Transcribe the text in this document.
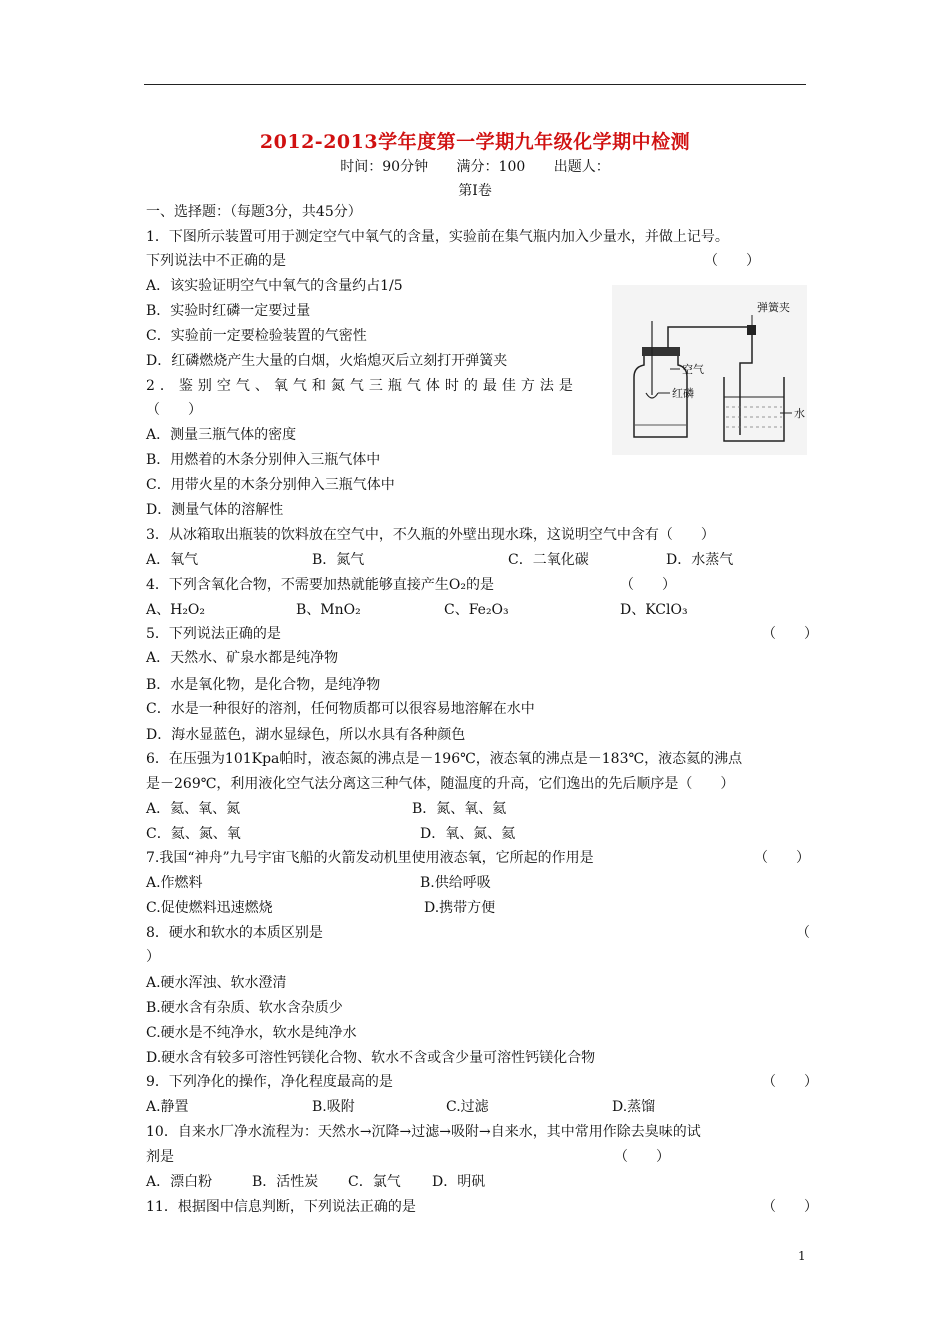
2012-2013学年度第一学期九年级化学期中检测
时间：90分钟 满分：100 出题人：
第I卷
一、选择题：（每题3分，共45分）
1．下图所示装置可用于测定空气中氧气的含量，实验前在集气瓶内加入少量水，并做上记号。
下列说法中不正确的是	（　　）
A．该实验证明空气中氧气的含量约占1/5
B．实验时红磷一定要过量
C．实验前一定要检验装置的气密性
D．红磷燃烧产生大量的白烟，火焰熄灭后立刻打开弹簧夹
弹簧夹
空气
红磷
水
2．鉴别空气、氧气和氮气三瓶气体时的最佳方法是
（　　）
A．测量三瓶气体的密度
B．用燃着的木条分别伸入三瓶气体中
C．用带火星的木条分别伸入三瓶气体中
D．测量气体的溶解性
3．从冰箱取出瓶装的饮料放在空气中，不久瓶的外壁出现水珠，这说明空气中含有（　　）
A．氧气	B．氮气	C．二氧化碳	D．水蒸气
4．下列含氧化合物，不需要加热就能够直接产生O₂的是	（　　）
A、H₂O₂	B、MnO₂	C、Fe₂O₃	D、KClO₃
5．下列说法正确的是	（　　）
A．天然水、矿泉水都是纯净物
B．水是氧化物，是化合物，是纯净物
C．水是一种很好的溶剂，任何物质都可以很容易地溶解在水中
D．海水显蓝色，湖水显绿色，所以水具有各种颜色
6．在压强为101Kpa帕时，液态氮的沸点是－196℃，液态氧的沸点是－183℃，液态氦的沸点
是－269℃，利用液化空气法分离这三种气体，随温度的升高，它们逸出的先后顺序是（　　）
A．氦、氧、氮	B．氮、氧、氦
C．氦、氮、氧	D．氧、氮、氦
7.我国“神舟”九号宇宙飞船的火箭发动机里使用液态氧，它所起的作用是	（　　）
A.作燃料	B.供给呼吸
C.促使燃料迅速燃烧	D.携带方便
8．硬水和软水的本质区别是	（
）
A.硬水浑浊、软水澄清
B.硬水含有杂质、软水含杂质少
C.硬水是不纯净水，软水是纯净水
D.硬水含有较多可溶性钙镁化合物、软水不含或含少量可溶性钙镁化合物
9．下列净化的操作，净化程度最高的是	（　　）
A.静置	B.吸附	C.过滤	D.蒸馏
10．自来水厂净水流程为：天然水→沉降→过滤→吸附→自来水，其中常用作除去臭味的试
剂是	（　　）
A．漂白粉	B．活性炭 C．氯气 D．明矾
11．根据图中信息判断，下列说法正确的是	（　　）
1
